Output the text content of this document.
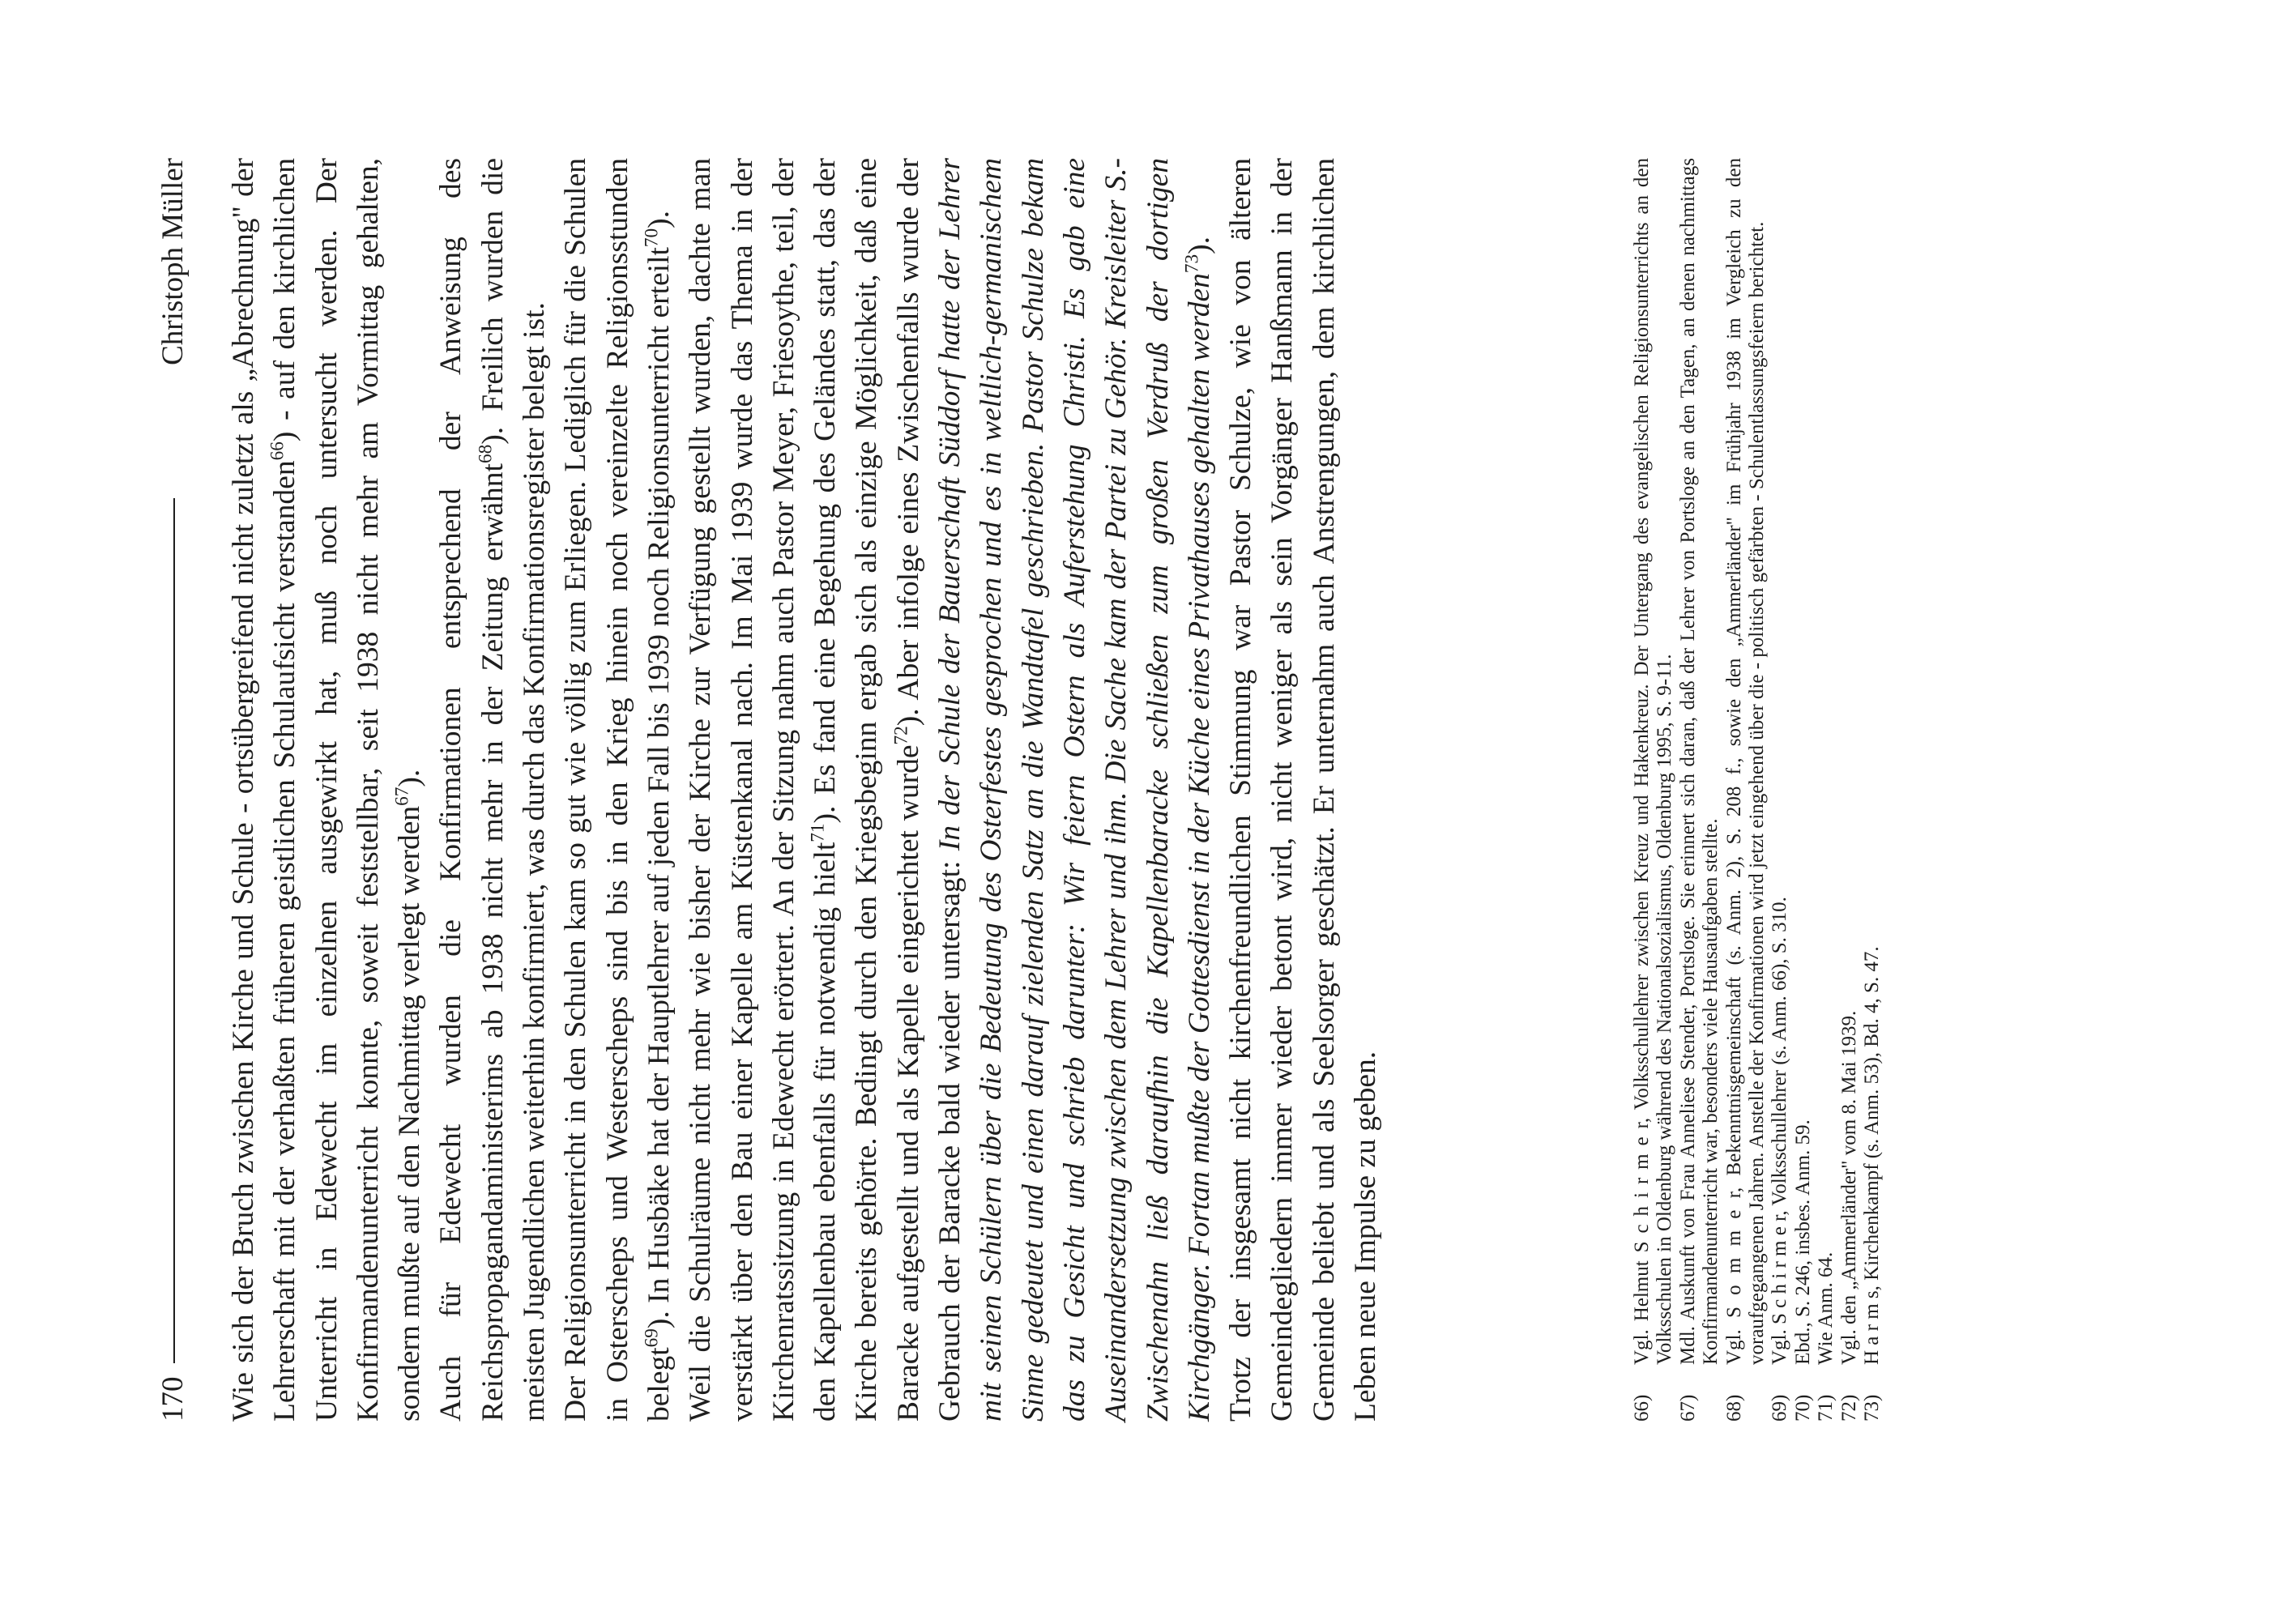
170
Christoph Müller Wie sich der Bruch zwischen Kirche und Schule - ortsübergreifend nicht zuletzt als „Abrechnung" der Lehrerschaft mit der verhaßten früheren geistlichen Schulaufsicht verstanden$^{66}$) - auf den kirchlichen Unterricht in Edewecht im einzelnen ausgewirkt hat, muß noch untersucht werden. Der Konfirmandenunterricht konnte, soweit feststellbar, seit 1938 nicht mehr am Vormittag gehalten, sondern mußte auf den Nachmittag verlegt werden$^{67}$). Auch für Edewecht wurden die Konfirmationen entsprechend der Anweisung des Reichspropagandaministerims ab 1938 nicht mehr in der Zeitung erwähnt$^{68}$). Freilich wurden die meisten Jugendlichen weiterhin konfirmiert, was durch das Konfirmationsregister belegt ist. Der Religionsunterricht in den Schulen kam so gut wie völlig zum Erliegen. Lediglich für die Schulen in Osterscheps und Westerscheps sind bis in den Krieg hinein noch vereinzelte Religionsstunden belegt$^{69}$). In Husbäke hat der Hauptlehrer auf jeden Fall bis 1939 noch Religionsunterricht erteilt$^{70}$). Weil die Schulräume nicht mehr wie bisher der Kirche zur Verfügung gestellt wurden, dachte man verstärkt über den Bau einer Kapelle am Küstenkanal nach. Im Mai 1939 wurde das Thema in der Kirchenratssitzung in Edewecht erörtert. An der Sitzung nahm auch Pastor Meyer, Friesoythe, teil, der den Kapellenbau ebenfalls für notwendig hielt$^{71}$). Es fand eine Begehung des Geländes statt, das der Kirche bereits gehörte. Bedingt durch den Kriegsbeginn ergab sich als einzige Möglichkeit, daß eine Baracke aufgestellt und als Kapelle eingerichtet wurde$^{72}$). Aber infolge eines Zwischenfalls wurde der Gebrauch der Baracke bald wieder untersagt: In der Schule der Bauerschaft Süddorf hatte der Lehrer mit seinen Schülern über die Bedeutung des Osterfestes gesprochen und es in weltlich-germanischem Sinne gedeutet und einen darauf zielenden Satz an die Wandtafel geschrieben. Pastor Schulze bekam das zu Gesicht und schrieb darunter: Wir feiern Ostern als Auferstehung Christi. Es gab eine Auseinandersetzung zwischen dem Lehrer und ihm. Die Sache kam der Partei zu Gehör. Kreisleiter S.-Zwischenahn ließ daraufhin die Kapellenbaracke schließen zum großen Verdruß der dortigen Kirchgänger. Fortan mußte der Gottesdienst in der Küche eines Privathauses gehalten werden$^{73}$). Trotz der insgesamt nicht kirchenfreundlichen Stimmung war Pastor Schulze, wie von älteren Gemeindegliedern immer wieder betont wird, nicht weniger als sein Vorgänger Hanßmann in der Gemeinde beliebt und als Seelsorger geschätzt. Er unternahm auch Anstrengungen, dem kirchlichen Leben neue Impulse zu geben.	66)
Vgl. Helmut S c h i r m e r, Volksschullehrer zwischen Kreuz und Hakenkreuz. Der Untergang des evangelischen Religionsunterrichts an den Volksschulen in Oldenburg während des Nationalsozialismus, Oldenburg 1995, S. 9-11.
67)
Mdl. Auskunft von Frau Anneliese Stender, Portsloge. Sie erinnert sich daran, daß der Lehrer von Portsloge an den Tagen, an denen nachmittags Konfirmandenunterricht war, besonders viele Hausaufgaben stellte.
68)
Vgl. S o m m e r, Bekenntnisgemeinschaft (s. Anm. 2), S. 208 f., sowie den „Ammerländer" im Frühjahr 1938 im Vergleich zu den voraufgegangenen Jahren. Anstelle der Konfirmationen wird jetzt eingehend über die - politisch gefärbten - Schulentlassungsfeiern berichtet.
69)
Vgl. S c h i r m e r, Volksschullehrer (s. Anm. 66), S. 310.
70)
Ebd., S. 246, insbes. Anm. 59.
71)
Wie Anm. 64.
72)
Vgl. den „Ammerländer" vom 8. Mai 1939.
73)
H a r m s, Kirchenkampf (s. Anm. 53), Bd. 4, S. 47.
